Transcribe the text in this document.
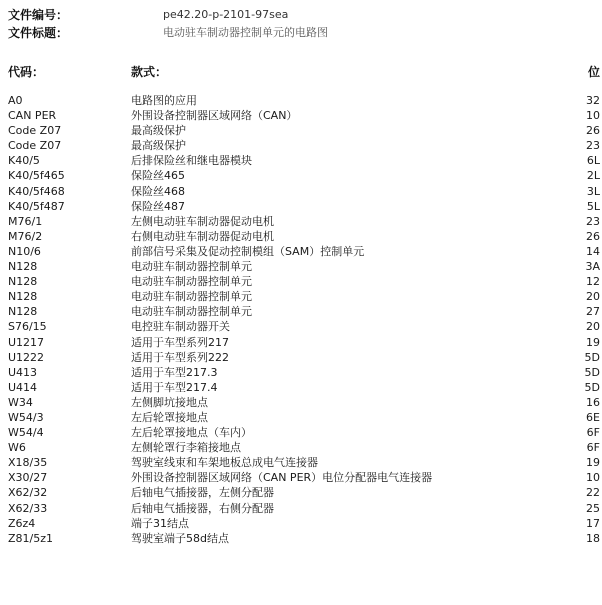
文件编号：	pe42.20-p-2101-97sea
文件标题：	电动驻车制动器控制单元的电路图
代码：	款式：	位
A0	电路图的应用	32
CAN PER	外围设备控制器区域网络（CAN）	10
Code Z07	最高级保护	26
Code Z07	最高级保护	23
K40/5	后排保险丝和继电器模块	6L
K40/5f465	保险丝465	2L
K40/5f468	保险丝468	3L
K40/5f487	保险丝487	5L
M76/1	左侧电动驻车制动器促动电机	23
M76/2	右侧电动驻车制动器促动电机	26
N10/6	前部信号采集及促动控制模组（SAM）控制单元	14
N128	电动驻车制动器控制单元	3A
N128	电动驻车制动器控制单元	12
N128	电动驻车制动器控制单元	20
N128	电动驻车制动器控制单元	27
S76/15	电控驻车制动器开关	20
U1217	适用于车型系列217	19
U1222	适用于车型系列222	5D
U413	适用于车型217.3	5D
U414	适用于车型217.4	5D
W34	左侧脚坑接地点	16
W54/3	左后轮罩接地点	6E
W54/4	左后轮罩接地点（车内）	6F
W6	左侧轮罩行李箱接地点	6F
X18/35	驾驶室线束和车架地板总成电气连接器	19
X30/27	外围设备控制器区域网络（CAN PER）电位分配器电气连接器	10
X62/32	后轴电气插接器，左侧分配器	22
X62/33	后轴电气插接器，右侧分配器	25
Z6z4	端子31结点	17
Z81/5z1	驾驶室端子58d结点	18
